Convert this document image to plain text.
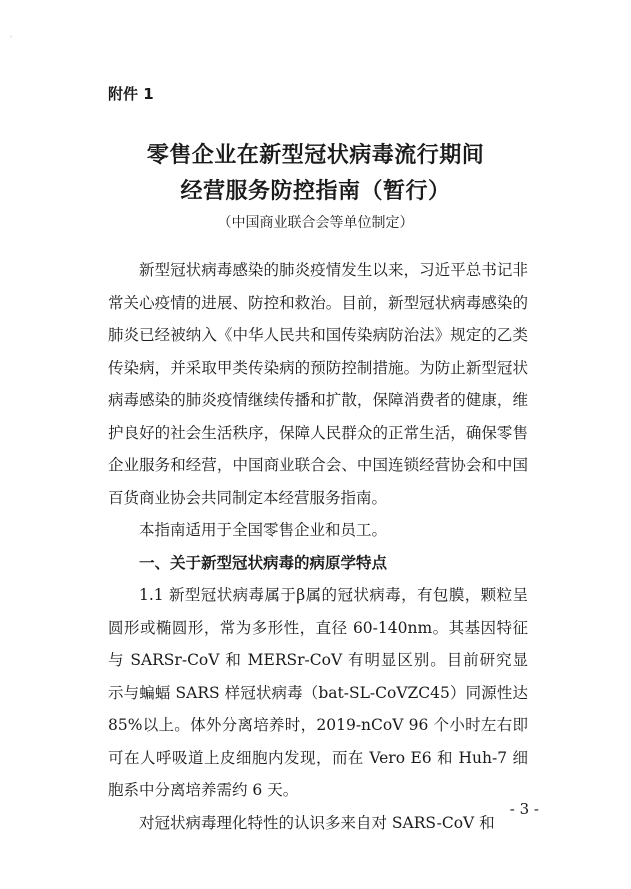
'
附件 1
零售企业在新型冠状病毒流行期间
经营服务防控指南（暂行）
（中国商业联合会等单位制定）

新型冠状病毒感染的肺炎疫情发生以来，习近平总书记非常关心疫情的进展、防控和救治。目前，新型冠状病毒感染的肺炎已经被纳入《中华人民共和国传染病防治法》规定的乙类传染病，并采取甲类传染病的预防控制措施。为防止新型冠状病毒感染的肺炎疫情继续传播和扩散，保障消费者的健康，维护良好的社会生活秩序，保障人民群众的正常生活，确保零售企业服务和经营，中国商业联合会、中国连锁经营协会和中国百货商业协会共同制定本经营服务指南。

本指南适用于全国零售企业和员工。

一、关于新型冠状病毒的病原学特点

1.1 新型冠状病毒属于β属的冠状病毒，有包膜，颗粒呈圆形或椭圆形，常为多形性，直径 60-140nm。其基因特征与 SARSr-CoV 和 MERSr-CoV 有明显区别。目前研究显示与蝙蝠 SARS 样冠状病毒（bat-SL-CoVZC45）同源性达 85%以上。体外分离培养时，2019-nCoV 96 个小时左右即可在人呼吸道上皮细胞内发现，而在 Vero E6 和 Huh-7 细胞系中分离培养需约 6 天。

对冠状病毒理化特性的认识多来自对 SARS-CoV 和

- 3 -
